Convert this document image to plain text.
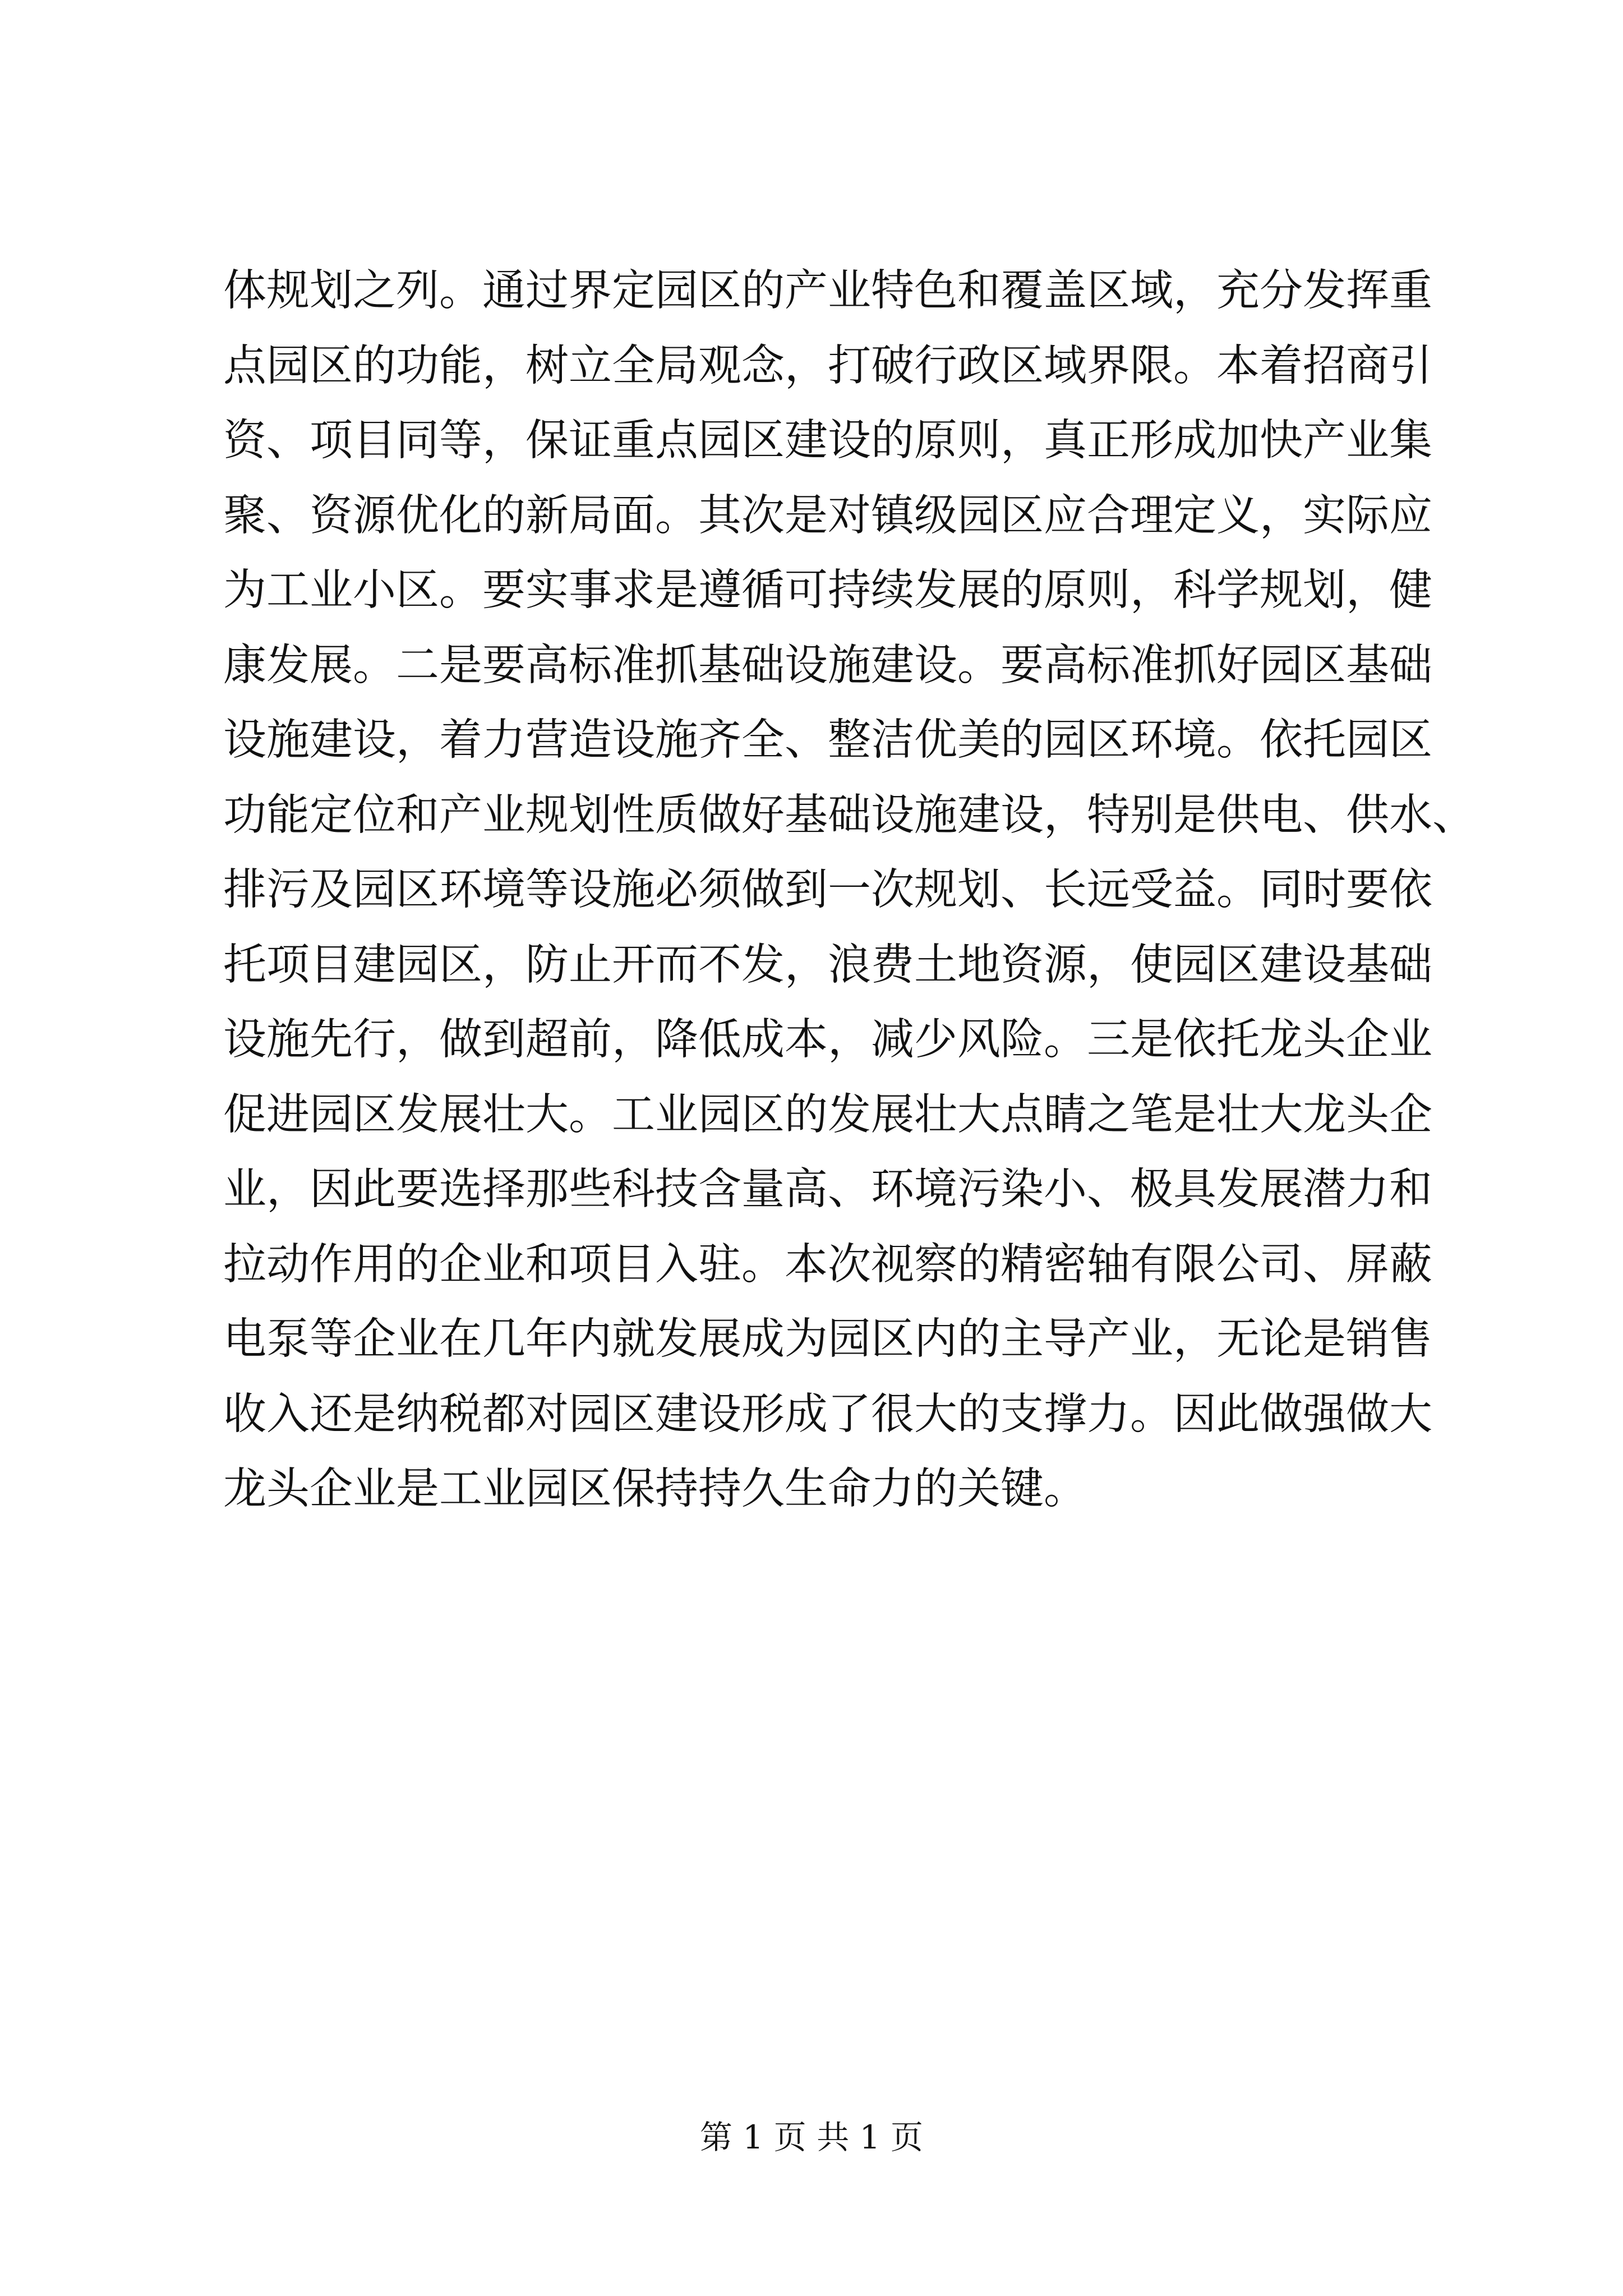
体规划之列。通过界定园区的产业特色和覆盖区域，充分发挥重
点园区的功能，树立全局观念，打破行政区域界限。本着招商引
资、项目同等，保证重点园区建设的原则，真正形成加快产业集
聚、资源优化的新局面。其次是对镇级园区应合理定义，实际应
为工业小区。要实事求是遵循可持续发展的原则，科学规划，健
康发展。二是要高标准抓基础设施建设。要高标准抓好园区基础
设施建设，着力营造设施齐全、整洁优美的园区环境。依托园区
功能定位和产业规划性质做好基础设施建设，特别是供电、供水、
排污及园区环境等设施必须做到一次规划、长远受益。同时要依
托项目建园区，防止开而不发，浪费土地资源，使园区建设基础
设施先行，做到超前，降低成本，减少风险。三是依托龙头企业
促进园区发展壮大。工业园区的发展壮大点睛之笔是壮大龙头企
业，因此要选择那些科技含量高、环境污染小、极具发展潜力和
拉动作用的企业和项目入驻。本次视察的精密轴有限公司、屏蔽
电泵等企业在几年内就发展成为园区内的主导产业，无论是销售
收入还是纳税都对园区建设形成了很大的支撑力。因此做强做大
龙头企业是工业园区保持持久生命力的关键。
第 1 页 共 1 页
